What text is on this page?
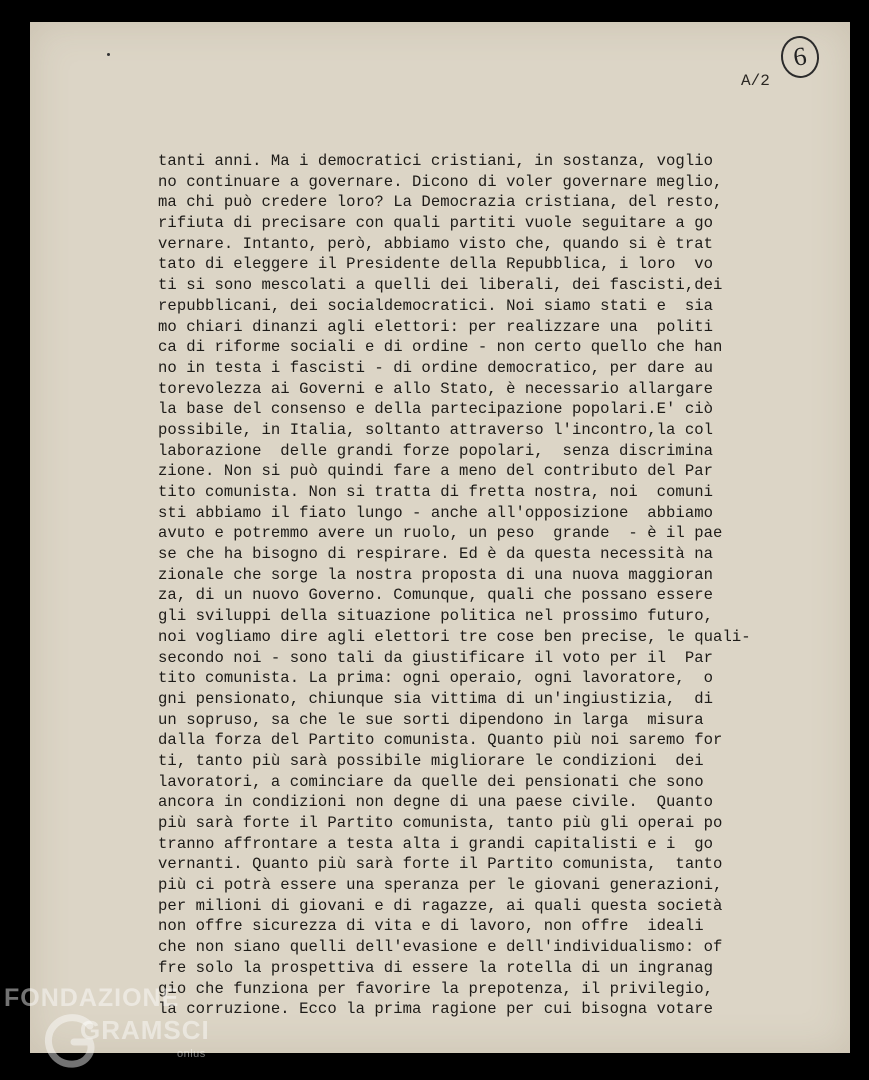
A/2
6
tanti anni. Ma i democratici cristiani, in sostanza, voglio
no continuare a governare. Dicono di voler governare meglio,
ma chi può credere loro? La Democrazia cristiana, del resto,
rifiuta di precisare con quali partiti vuole seguitare a go
vernare. Intanto, però, abbiamo visto che, quando si è trat
tato di eleggere il Presidente della Repubblica, i loro  vo
ti si sono mescolati a quelli dei liberali, dei fascisti,dei
repubblicani, dei socialdemocratici. Noi siamo stati e  sia
mo chiari dinanzi agli elettori: per realizzare una  politi
ca di riforme sociali e di ordine - non certo quello che han
no in testa i fascisti - di ordine democratico, per dare au
torevolezza ai Governi e allo Stato, è necessario allargare
la base del consenso e della partecipazione popolari.E' ciò
possibile, in Italia, soltanto attraverso l'incontro,la col
laborazione  delle grandi forze popolari,  senza discrimina
zione. Non si può quindi fare a meno del contributo del Par
tito comunista. Non si tratta di fretta nostra, noi  comuni
sti abbiamo il fiato lungo - anche all'opposizione  abbiamo
avuto e potremmo avere un ruolo, un peso  grande  - è il pae
se che ha bisogno di respirare. Ed è da questa necessità na
zionale che sorge la nostra proposta di una nuova maggioran
za, di un nuovo Governo. Comunque, quali che possano essere
gli sviluppi della situazione politica nel prossimo futuro,
noi vogliamo dire agli elettori tre cose ben precise, le quali-
secondo noi - sono tali da giustificare il voto per il  Par
tito comunista. La prima: ogni operaio, ogni lavoratore,  o
gni pensionato, chiunque sia vittima di un'ingiustizia,  di
un sopruso, sa che le sue sorti dipendono in larga  misura
dalla forza del Partito comunista. Quanto più noi saremo for
ti, tanto più sarà possibile migliorare le condizioni  dei
lavoratori, a cominciare da quelle dei pensionati che sono
ancora in condizioni non degne di una paese civile.  Quanto
più sarà forte il Partito comunista, tanto più gli operai po
tranno affrontare a testa alta i grandi capitalisti e i  go
vernanti. Quanto più sarà forte il Partito comunista,  tanto
più ci potrà essere una speranza per le giovani generazioni,
per milioni di giovani e di ragazze, ai quali questa società
non offre sicurezza di vita e di lavoro, non offre  ideali
che non siano quelli dell'evasione e dell'individualismo: of
fre solo la prospettiva di essere la rotella di un ingranag
gio che funziona per favorire la prepotenza, il privilegio,
la corruzione. Ecco la prima ragione per cui bisogna votare
FONDAZIONE
GRAMSCI
onlus
